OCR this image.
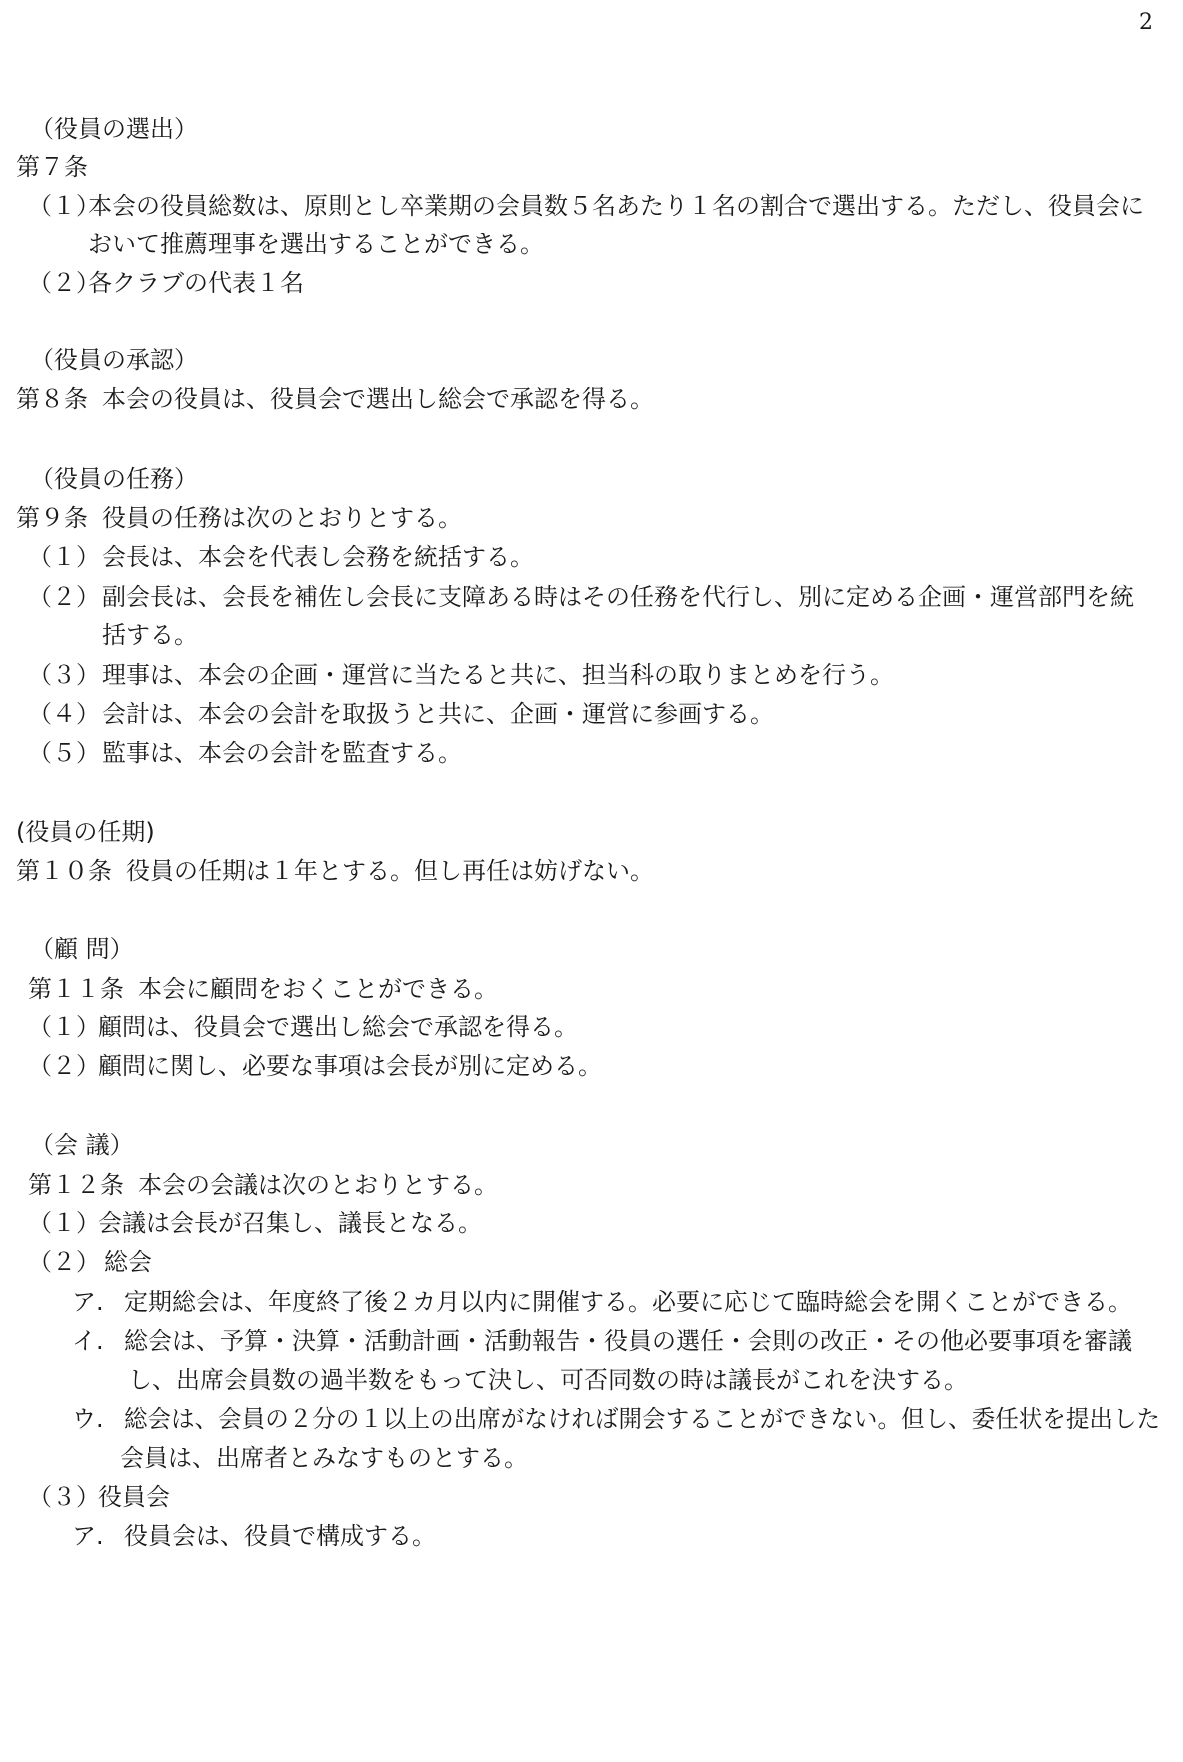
2
（役員の選出）
第７条
（１）
本会の役員総数は、原則とし卒業期の会員数５名あたり１名の割合で選出する。ただし、役員会に
おいて推薦理事を選出することができる。
（２）
各クラブの代表１名
（役員の承認）
第８条 本会の役員は、役員会で選出し総会で承認を得る。
（役員の任務）
第９条 役員の任務は次のとおりとする。
（１） 会長は、本会を代表し会務を統括する。
（２） 副会長は、会長を補佐し会長に支障ある時はその任務を代行し、別に定める企画・運営部門を統
括する。
（３） 理事は、本会の企画・運営に当たると共に、担当科の取りまとめを行う。
（４） 会計は、本会の会計を取扱うと共に、企画・運営に参画する。
（５） 監事は、本会の会計を監査する。
(役員の任期)
第１０条 役員の任期は１年とする。但し再任は妨げない。
（顧 問）
第１１条 本会に顧問をおくことができる。
（１）
顧問は、役員会で選出し総会で承認を得る。
（２）
顧問に関し、必要な事項は会長が別に定める。
（会 議）
第１２条 本会の会議は次のとおりとする。
（１）
会議は会長が召集し、議長となる。
（２） 総会
ア. 定期総会は、年度終了後２カ月以内に開催する。必要に応じて臨時総会を開くことができる。
イ. 総会は、予算・決算・活動計画・活動報告・役員の選任・会則の改正・その他必要事項を審議
し、出席会員数の過半数をもって決し、可否同数の時は議長がこれを決する。
ウ. 総会は、会員の２分の１以上の出席がなければ開会することができない。但し、委任状を提出した
会員は、出席者とみなすものとする。
（３）
役員会
ア. 役員会は、役員で構成する。
